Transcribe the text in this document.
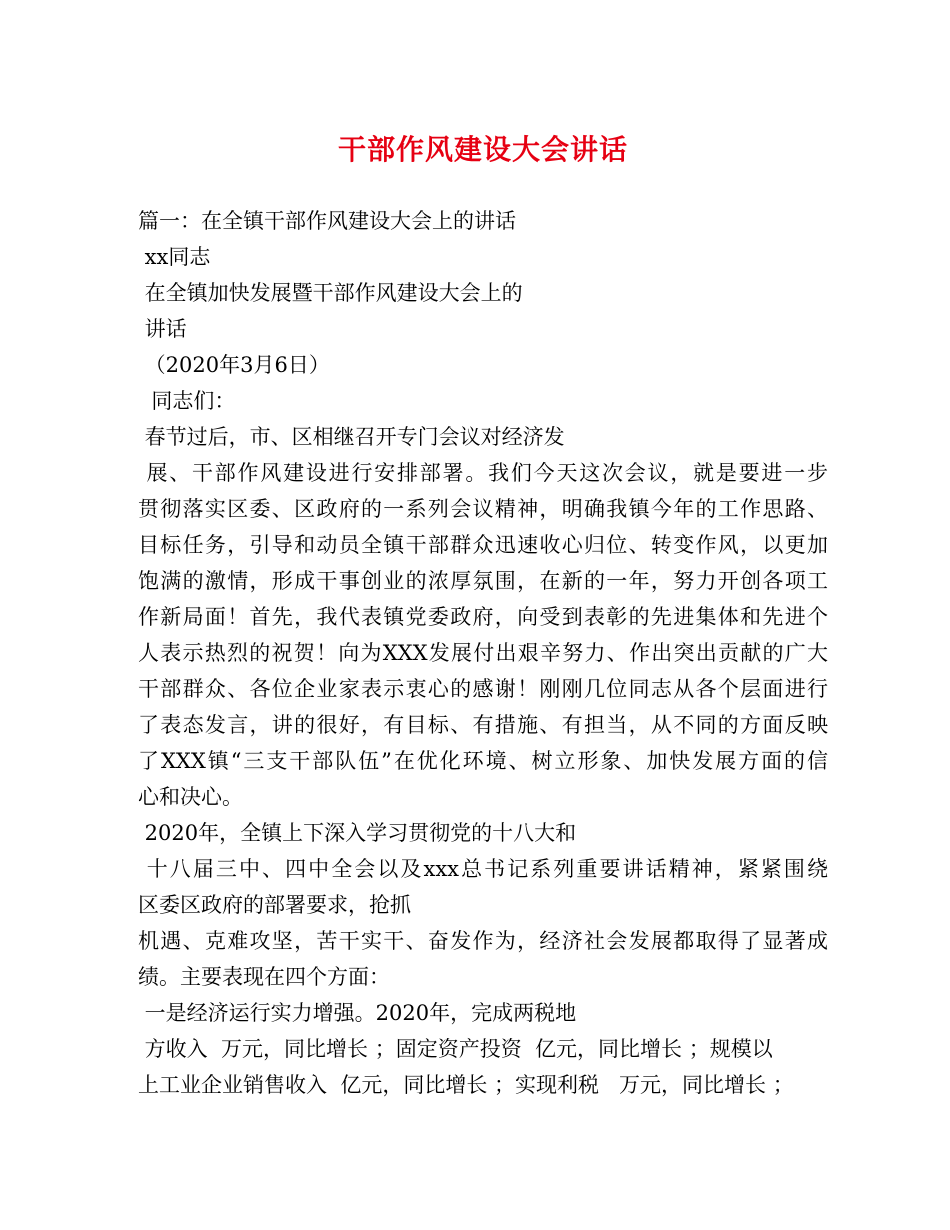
干部作风建设大会讲话
篇一：在全镇干部作风建设大会上的讲话
xx同志
在全镇加快发展暨干部作风建设大会上的
讲话
（2020年3月6日）
同志们：
春节过后，市、区相继召开专门会议对经济发
展、干部作风建设进行安排部署。我们今天这次会议，就是要进一步
贯彻落实区委、区政府的一系列会议精神，明确我镇今年的工作思路、
目标任务，引导和动员全镇干部群众迅速收心归位、转变作风，以更加
饱满的激情，形成干事创业的浓厚氛围，在新的一年，努力开创各项工
作新局面！首先，我代表镇党委政府，向受到表彰的先进集体和先进个
人表示热烈的祝贺！向为XXX发展付出艰辛努力、作出突出贡献的广大
干部群众、各位企业家表示衷心的感谢！刚刚几位同志从各个层面进行
了表态发言，讲的很好，有目标、有措施、有担当，从不同的方面反映
了XXX镇“三支干部队伍”在优化环境、树立形象、加快发展方面的信
心和决心。
2020年，全镇上下深入学习贯彻党的十八大和
十八届三中、四中全会以及xxx总书记系列重要讲话精神，紧紧围绕
区委区政府的部署要求，抢抓
机遇、克难攻坚，苦干实干、奋发作为，经济社会发展都取得了显著成
绩。主要表现在四个方面：
一是经济运行实力增强。2020年，完成两税地
方收入  万元，同比增长 ；固定资产投资  亿元，同比增长 ；规模以
上工业企业销售收入  亿元，同比增长 ；实现利税   万元，同比增长 ；
